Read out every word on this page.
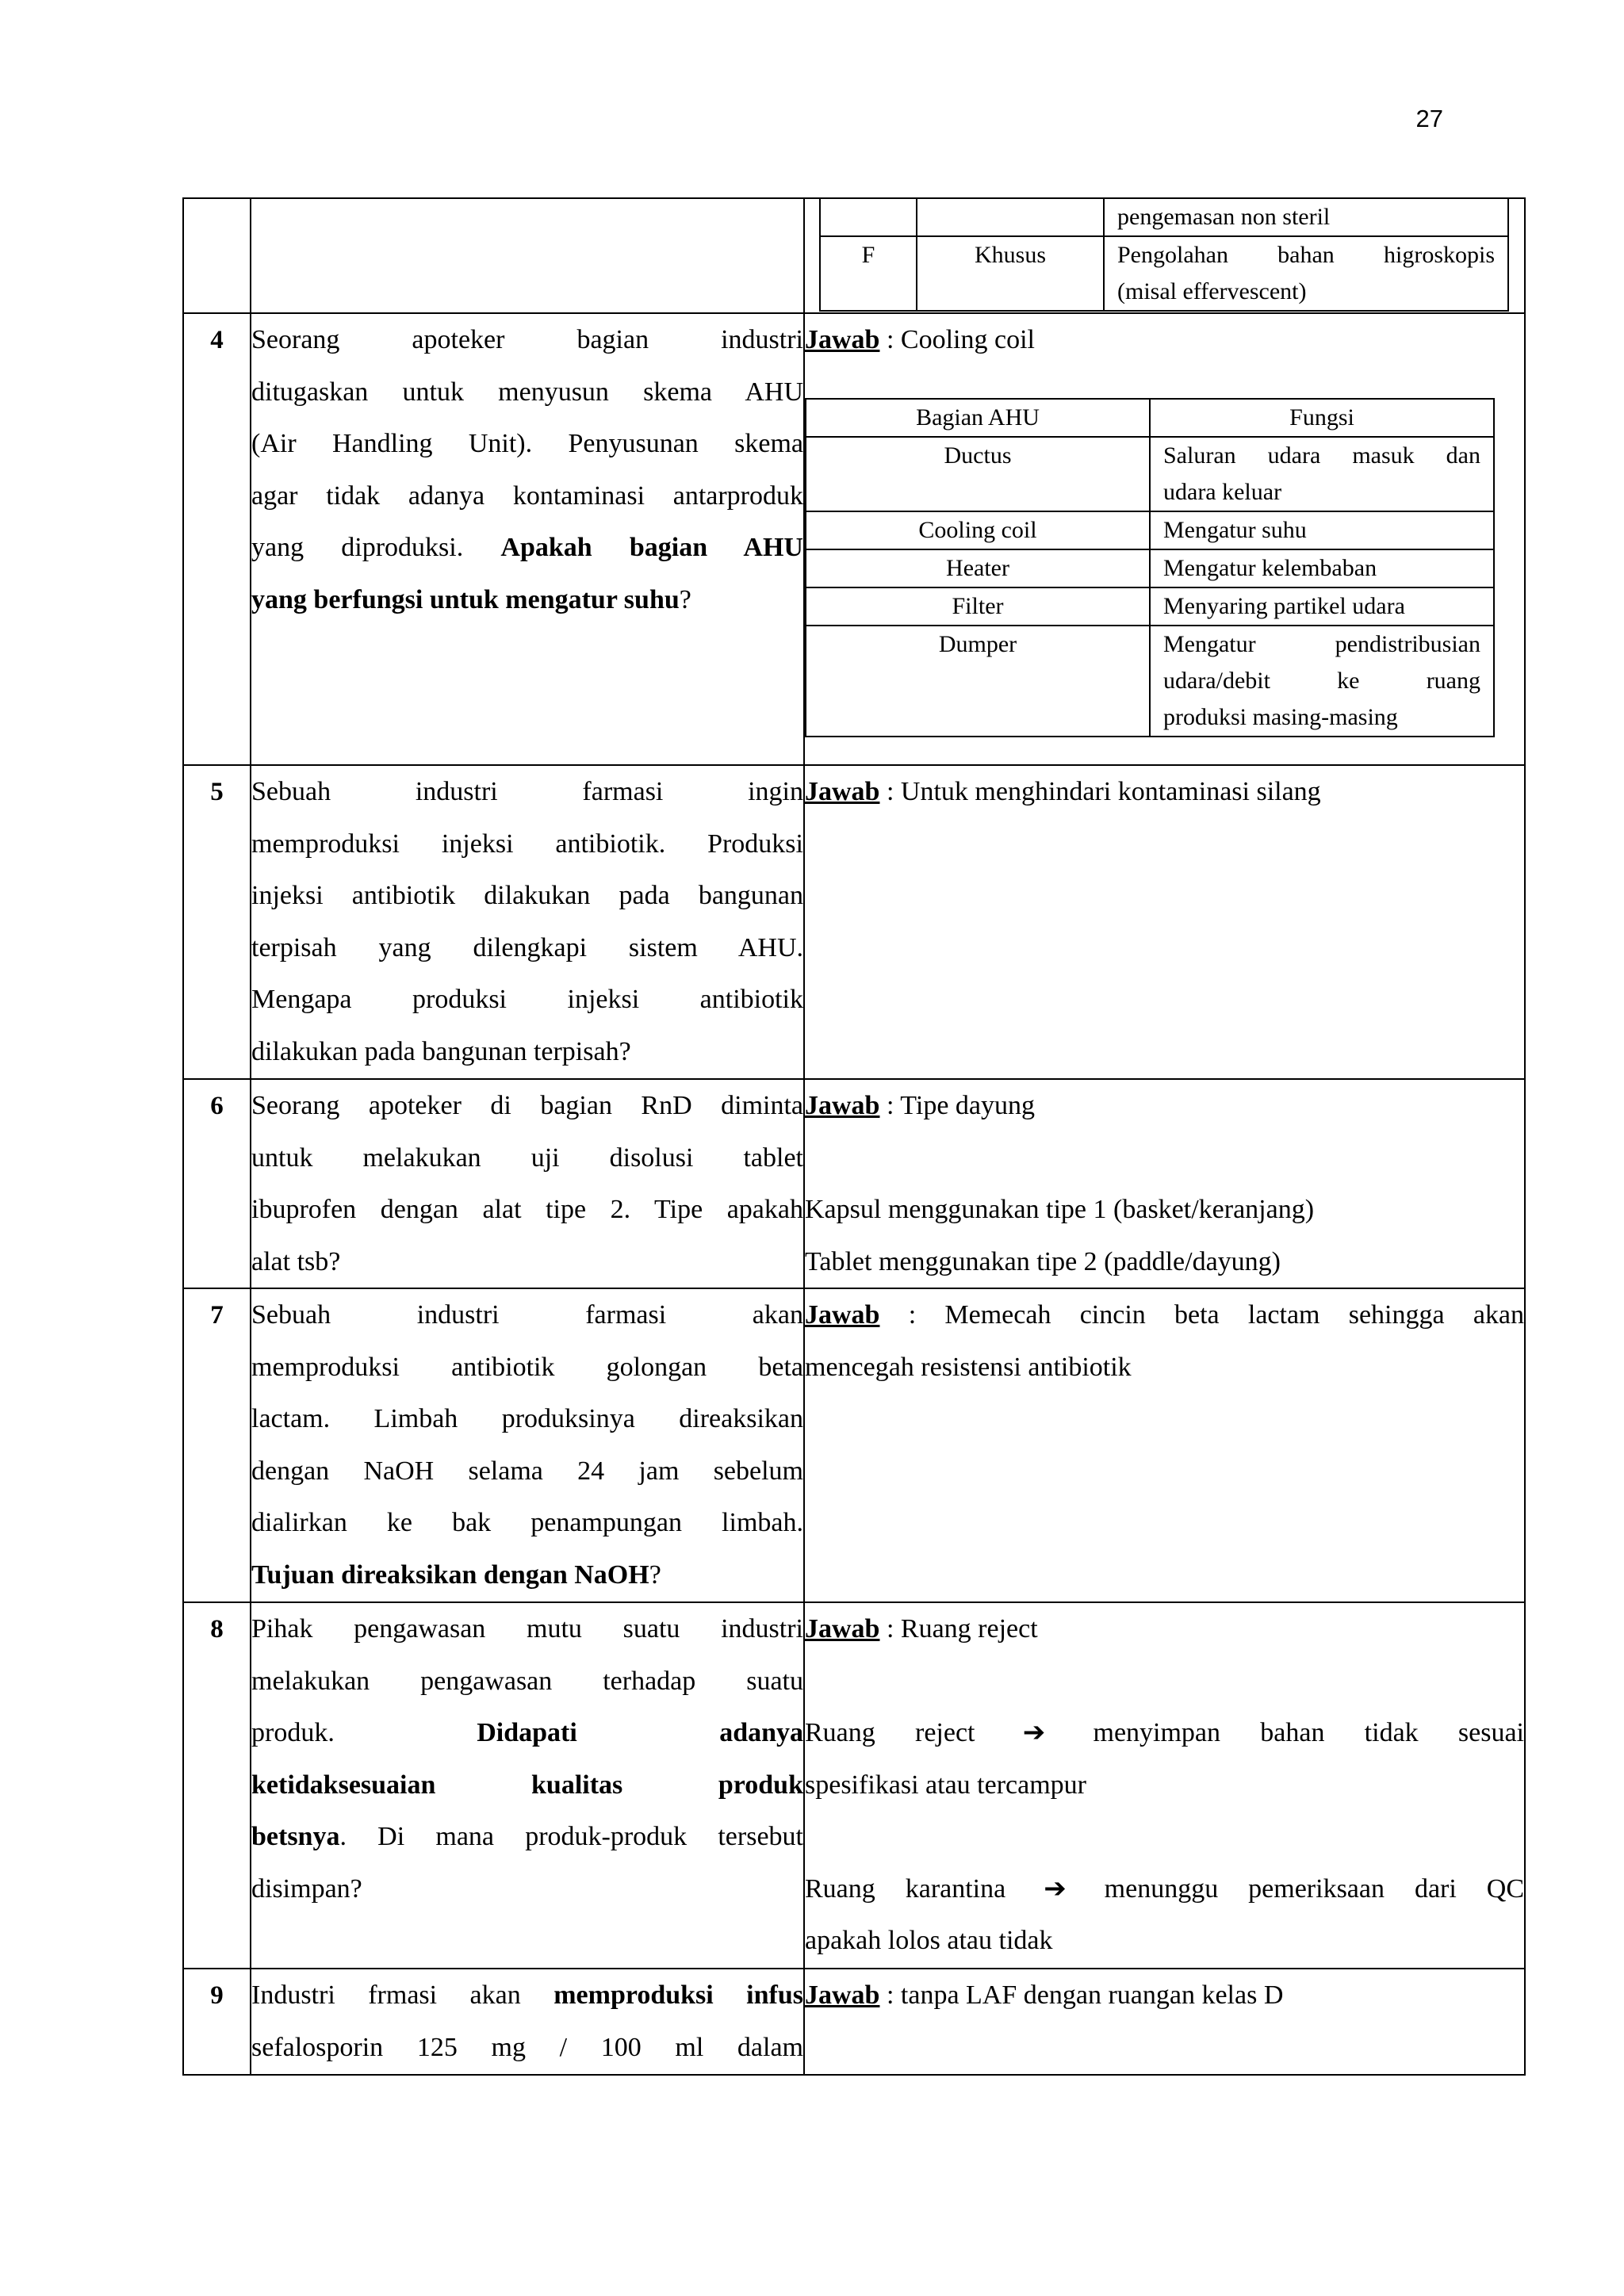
27

		pengemasan non steril
F	Khusus	Pengolahan bahan higroskopis
(misal effervescent)

4	Seorang apoteker bagian industri
ditugaskan untuk menyusun skema AHU
(Air Handling Unit). Penyusunan skema
agar tidak adanya kontaminasi antarproduk
yang diproduksi. Apakah bagian AHU
yang berfungsi untuk mengatur suhu?

Jawab : Cooling coil
Bagian AHU	Fungsi
Ductus	Saluran udara masuk dan
udara keluar

Cooling coil	Mengatur suhu
Heater	Mengatur kelembaban
Filter	Menyaring partikel udara
Dumper	Mengatur pendistribusian
udara/debit ke ruang
produksi masing-masing

5	Sebuah industri farmasi ingin
memproduksi injeksi antibiotik. Produksi
injeksi antibiotik dilakukan pada bangunan
terpisah yang dilengkapi sistem AHU.
Mengapa produksi injeksi antibiotik
dilakukan pada bangunan terpisah?

Jawab : Untuk menghindari kontaminasi silang

6	Seorang apoteker di bagian RnD diminta
untuk melakukan uji disolusi tablet
ibuprofen dengan alat tipe 2. Tipe apakah
alat tsb?

Jawab : Tipe dayung
Kapsul menggunakan tipe 1 (basket/keranjang)
Tablet menggunakan tipe 2 (paddle/dayung)

7	Sebuah industri farmasi akan
memproduksi antibiotik golongan beta
lactam. Limbah produksinya direaksikan
dengan NaOH selama 24 jam sebelum
dialirkan ke bak penampungan limbah.
Tujuan direaksikan dengan NaOH?

Jawab : Memecah cincin beta lactam sehingga akan
mencegah resistensi antibiotik

8	Pihak pengawasan mutu suatu industri
melakukan pengawasan terhadap suatu
produk.	Didapati adanya
ketidaksesuaian kualitas produk
betsnya. Di mana produk-produk tersebut
disimpan?

Jawab : Ruang reject
Ruang reject ➔ menyimpan bahan tidak sesuai
spesifikasi atau tercampur
Ruang karantina ➔ menunggu pemeriksaan dari QC
apakah lolos atau tidak

9	Industri frmasi akan memproduksi infus
sefalosporin 125 mg / 100 ml dalam

Jawab : tanpa LAF dengan ruangan kelas D
